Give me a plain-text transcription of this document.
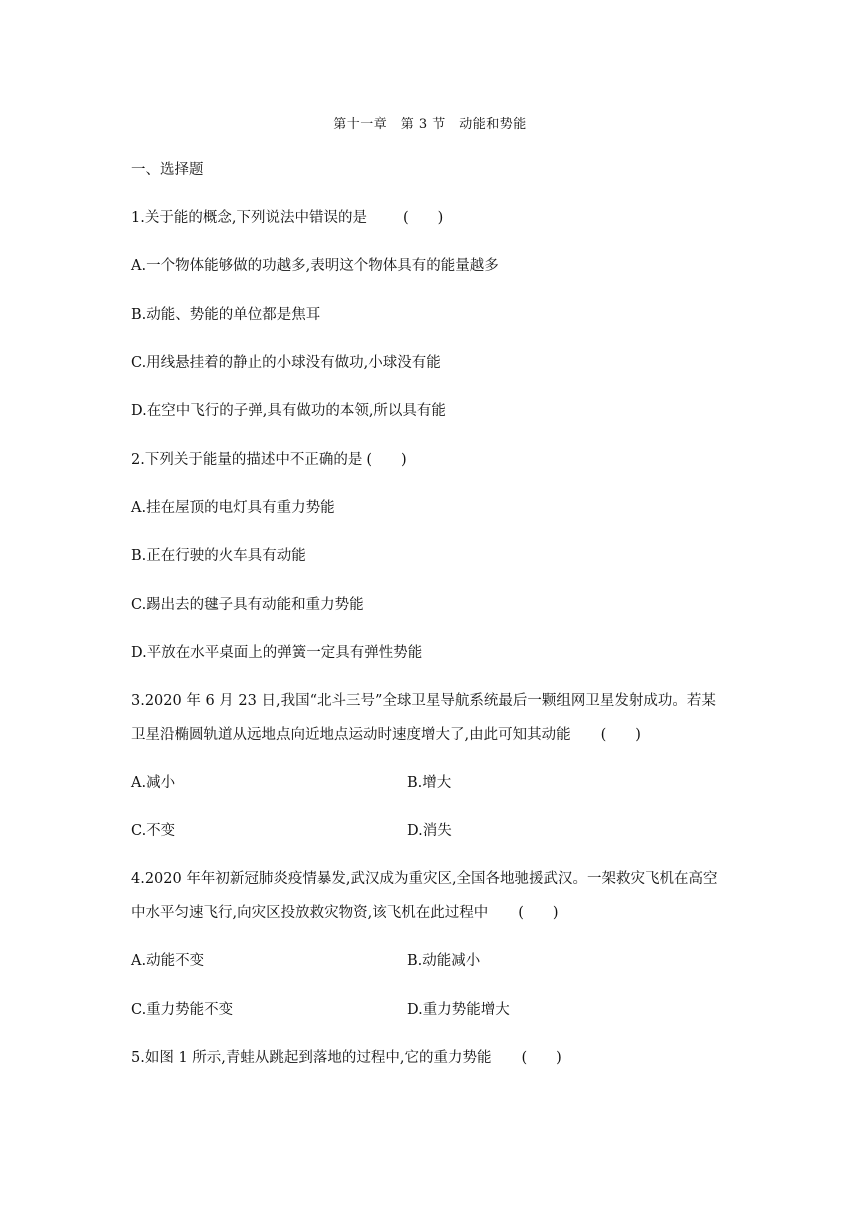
第十一章　第 3 节　动能和势能
一、选择题
1.关于能的概念,下列说法中错误的是 (　　)
A.一个物体能够做的功越多,表明这个物体具有的能量越多
B.动能、势能的单位都是焦耳
C.用线悬挂着的静止的小球没有做功,小球没有能
D.在空中飞行的子弹,具有做功的本领,所以具有能
2.下列关于能量的描述中不正确的是 (　　)
A.挂在屋顶的电灯具有重力势能
B.正在行驶的火车具有动能
C.踢出去的毽子具有动能和重力势能
D.平放在水平桌面上的弹簧一定具有弹性势能
3.2020 年 6 月 23 日,我国“北斗三号”全球卫星导航系统最后一颗组网卫星发射成功。若某
卫星沿椭圆轨道从远地点向近地点运动时速度增大了,由此可知其动能 (　　)
A.减小	B.增大
C.不变	D.消失
4.2020 年年初新冠肺炎疫情暴发,武汉成为重灾区,全国各地驰援武汉。一架救灾飞机在高空
中水平匀速飞行,向灾区投放救灾物资,该飞机在此过程中 (　　)
A.动能不变	B.动能减小
C.重力势能不变	D.重力势能增大
5.如图 1 所示,青蛙从跳起到落地的过程中,它的重力势能 (　　)
